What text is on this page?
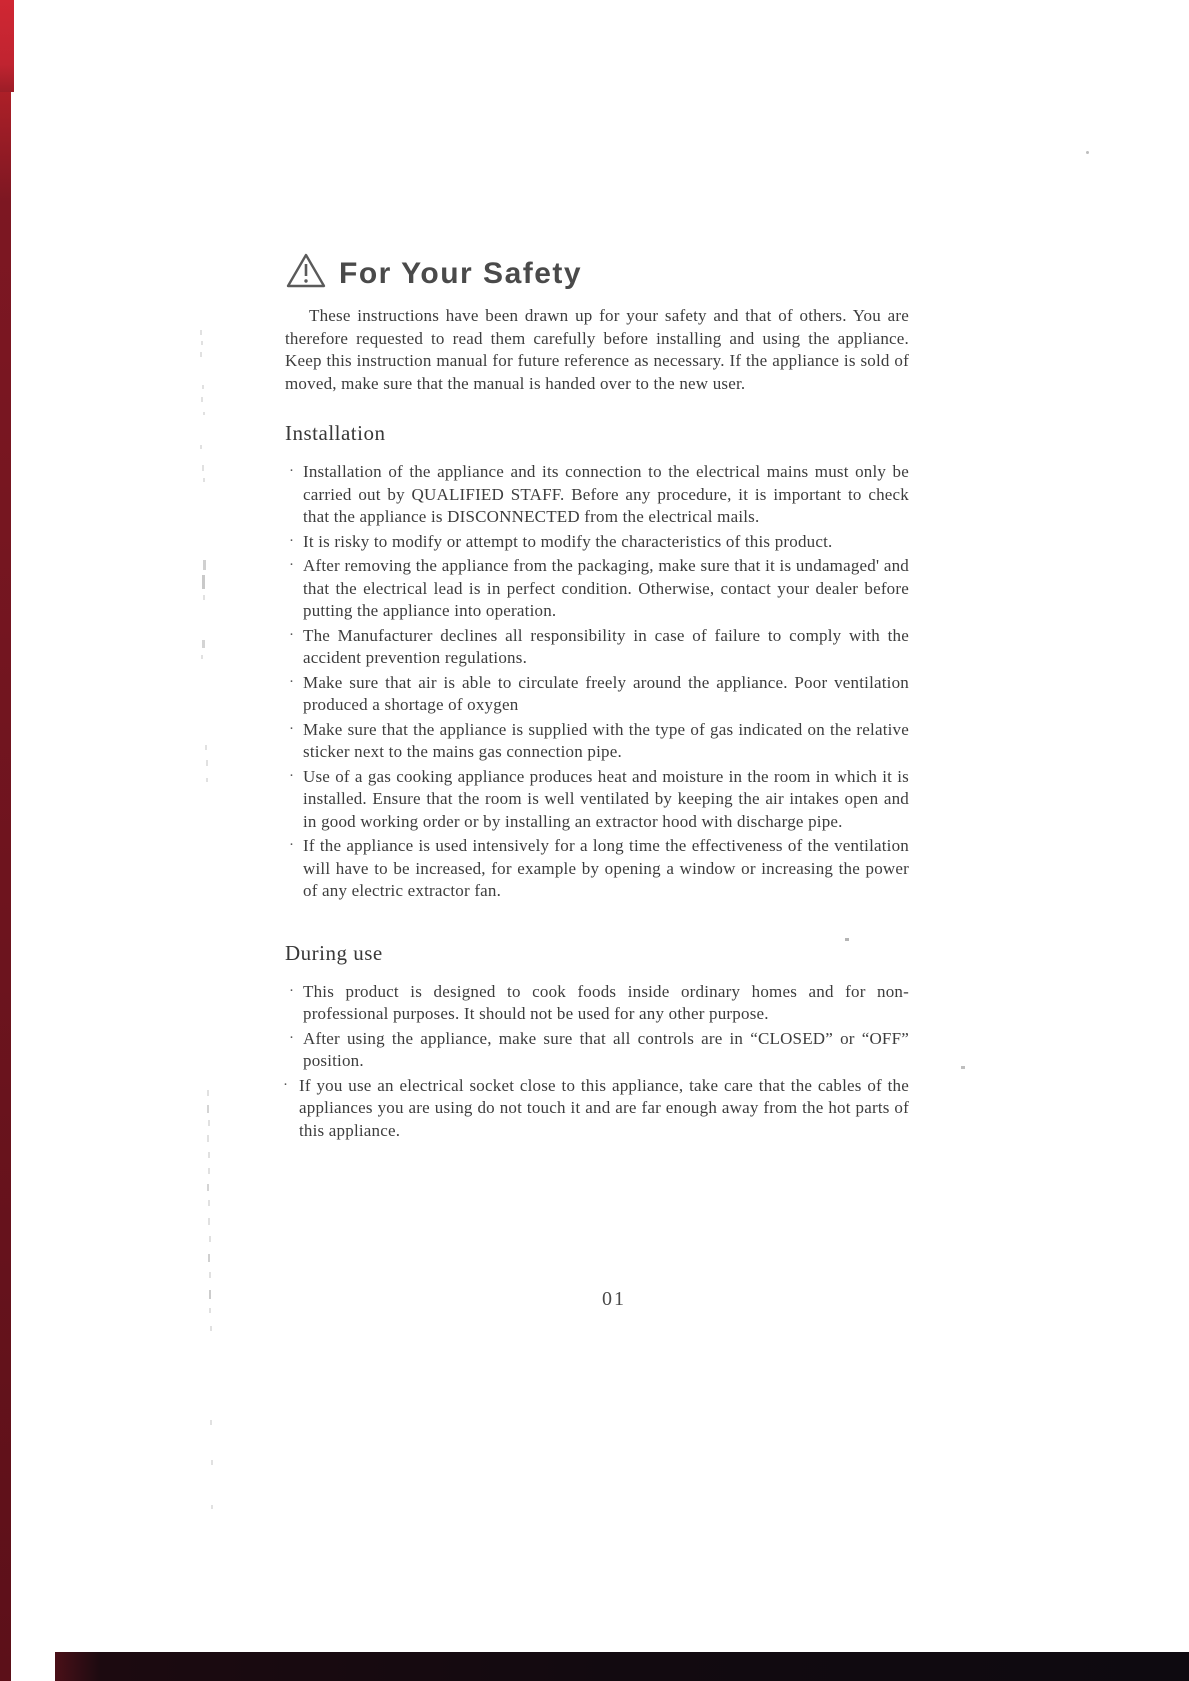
For Your Safety

These instructions have been drawn up for your safety and that of others. You are therefore requested to read them carefully before installing and using the appliance. Keep this instruction manual for future reference as necessary. If the appliance is sold of moved, make sure that the manual is handed over to the new user.

Installation
· Installation of the appliance and its connection to the electrical mains must only be carried out by QUALIFIED STAFF. Before any procedure, it is important to check that the appliance is DISCONNECTED from the electrical mails.
· It is risky to modify or attempt to modify the characteristics of this product.
· After removing the appliance from the packaging, make sure that it is undamaged' and that the electrical lead is in perfect condition. Otherwise, contact your dealer before putting the appliance into operation.
· The Manufacturer declines all responsibility in case of failure to comply with the accident prevention regulations.
· Make sure that air is able to circulate freely around the appliance. Poor ventilation produced a shortage of oxygen
· Make sure that the appliance is supplied with the type of gas indicated on the relative sticker next to the mains gas connection pipe.
· Use of a gas cooking appliance produces heat and moisture in the room in which it is installed. Ensure that the room is well ventilated by keeping the air intakes open and in good working order or by installing an extractor hood with discharge pipe.
· If the appliance is used intensively for a long time the effectiveness of the ventilation will have to be increased, for example by opening a window or increasing the power of any electric extractor fan.
During use
· This product is designed to cook foods inside ordinary homes and for non-professional purposes. It should not be used for any other purpose.
· After using the appliance, make sure that all controls are in “CLOSED” or “OFF” position.
· If you use an electrical socket close to this appliance, take care that the cables of the appliances you are using do not touch it and are far enough away from the hot parts of this appliance.
01
